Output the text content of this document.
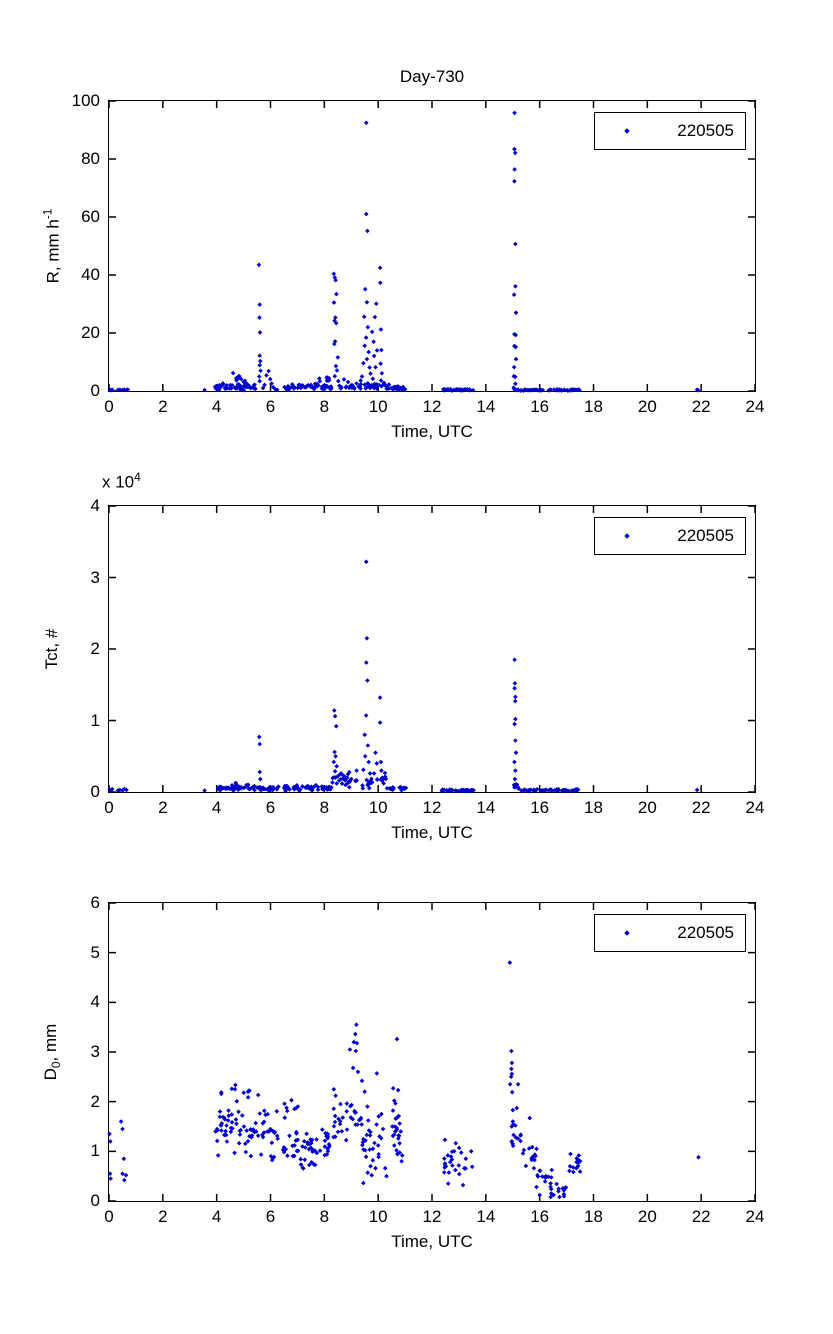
Day-730
R, mm $h^{-1}$
220505
Time, UTC
0	2	4	6	8 10 12 14 16 18 20 22 24
0
20
40
60
80
100
Tct, #
x $10^4$
220505
Time, UTC
0	2	4	6	8 10 12 14 16 18 20 22 24
0
1
2
3
4
$D_0$, mm
220505
Time, UTC
0	2	4	6	8 10 12 14 16 18 20 22 24
0
1
2
3
4
5
6
